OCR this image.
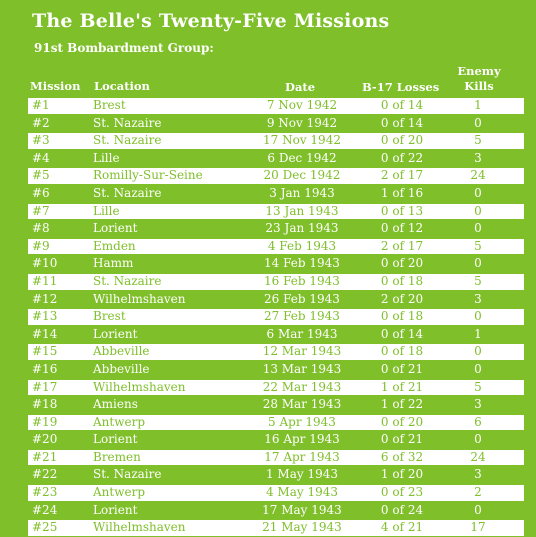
The Belle's Twenty-Five Missions
91st Bombardment Group:
Mission Location	Date	B-17 Losses
Enemy
Kills
#1	Brest	7 Nov 1942	0 of 14	1
#2	St. Nazaire	9 Nov 1942	0 of 14	0
#3	St. Nazaire	17 Nov 1942	0 of 20	5
#4	Lille	6 Dec 1942	0 of 22	3
#5	Romilly-Sur-Seine	20 Dec 1942	2 of 17	24
#6	St. Nazaire	3 Jan 1943	1 of 16	0
#7	Lille	13 Jan 1943	0 of 13	0
#8	Lorient	23 Jan 1943	0 of 12	0
#9	Emden	4 Feb 1943	2 of 17	5
#10	Hamm	14 Feb 1943	0 of 20	0
#11	St. Nazaire	16 Feb 1943	0 of 18	5
#12	Wilhelmshaven	26 Feb 1943	2 of 20	3
#13	Brest	27 Feb 1943	0 of 18	0
#14	Lorient	6 Mar 1943	0 of 14	1
#15	Abbeville	12 Mar 1943	0 of 18	0
#16	Abbeville	13 Mar 1943	0 of 21	0
#17	Wilhelmshaven	22 Mar 1943	1 of 21	5
#18	Amiens	28 Mar 1943	1 of 22	3
#19	Antwerp	5 Apr 1943	0 of 20	6
#20	Lorient	16 Apr 1943	0 of 21	0
#21	Bremen	17 Apr 1943	6 of 32	24
#22	St. Nazaire	1 May 1943	1 of 20	3
#23	Antwerp	4 May 1943	0 of 23	2
#24	Lorient	17 May 1943	0 of 24	0
#25	Wilhelmshaven	21 May 1943	4 of 21	17
